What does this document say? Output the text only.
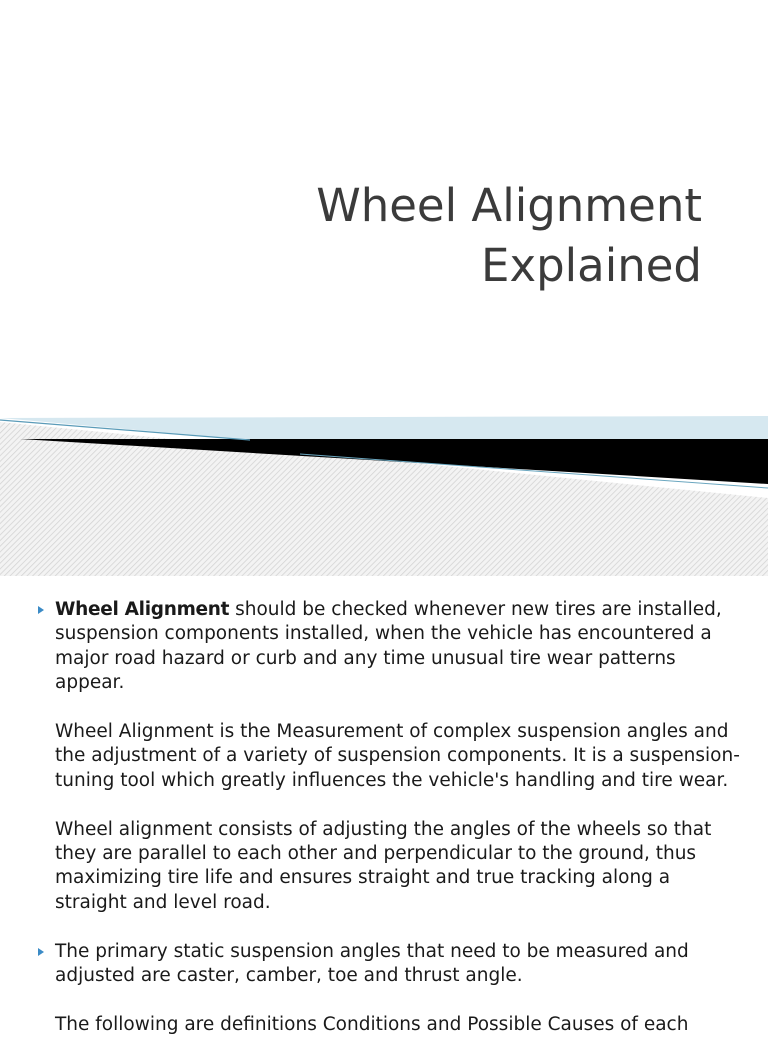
Wheel Alignment
Explained

Wheel Alignment should be checked whenever new tires are installed, suspension components installed, when the vehicle has encountered a major road hazard or curb and any time unusual tire wear patterns appear.

Wheel Alignment is the Measurement of complex suspension angles and the adjustment of a variety of suspension components. It is a suspension-tuning tool which greatly influences the vehicle's handling and tire wear.

Wheel alignment consists of adjusting the angles of the wheels so that they are parallel to each other and perpendicular to the ground, thus maximizing tire life and ensures straight and true tracking along a straight and level road.

The primary static suspension angles that need to be measured and adjusted are caster, camber, toe and thrust angle.

The following are definitions Conditions and Possible Causes of each
